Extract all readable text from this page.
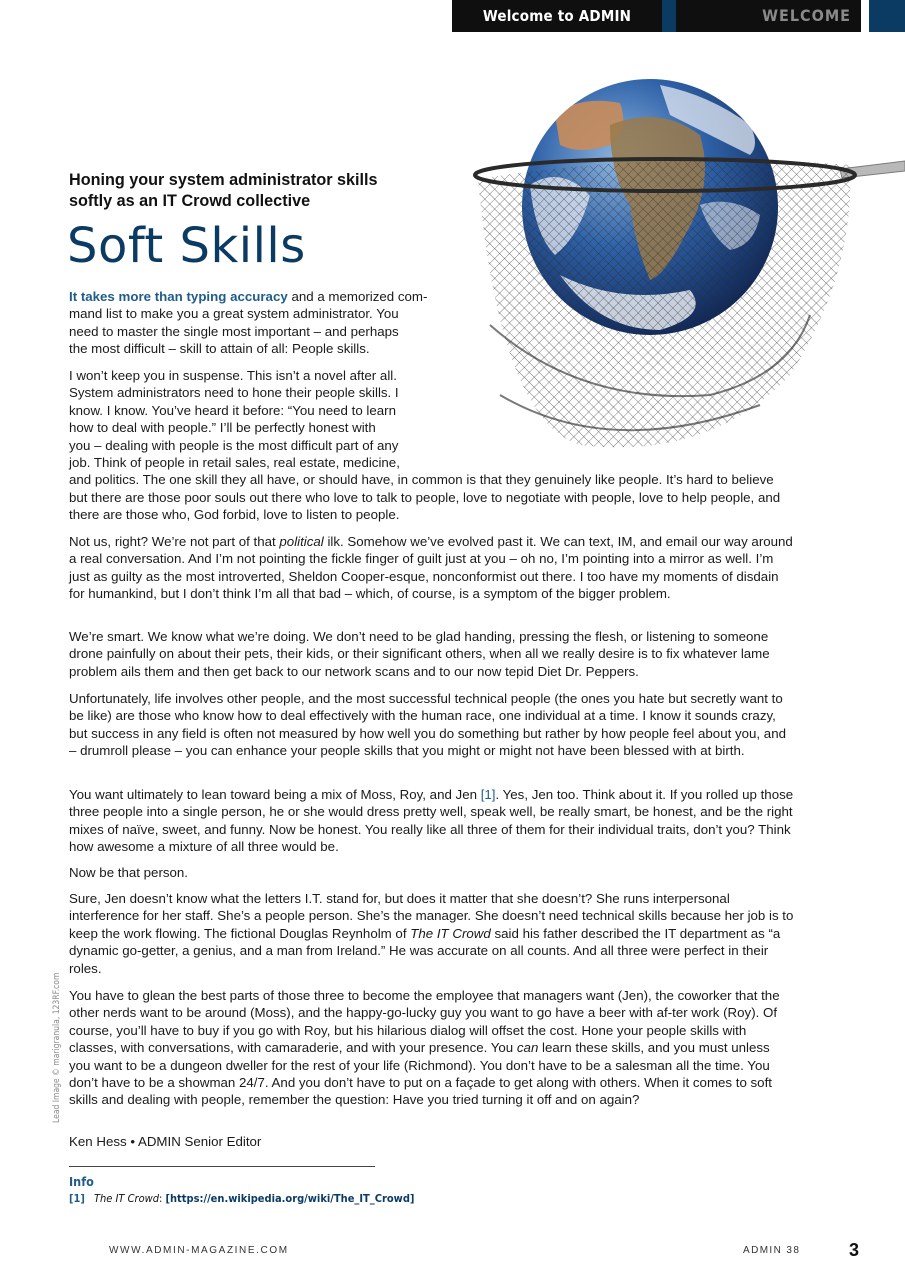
Welcome to ADMIN	WELCOME
Honing your system administrator skills
softly as an IT Crowd collective
Soft Skills
It takes more than typing accuracy and a memorized com-
mand list to make you a great system administrator. You
need to master the single most important – and perhaps
the most difficult – skill to attain of all: People skills.
I won’t keep you in suspense. This isn’t a novel after all.
System administrators need to hone their people skills. I
know. I know. You’ve heard it before: “You need to learn
how to deal with people.” I’ll be perfectly honest with
you – dealing with people is the most difficult part of any
job. Think of people in retail sales, real estate, medicine,
and politics. The one skill they all have, or should have, in common is that they genuinely like people. It’s hard to believe but there are those poor souls out there who love to talk to people, love to negotiate with people, love to help people, and there are those who, God forbid, love to listen to people.
Not us, right? We’re not part of that political ilk. Somehow we’ve evolved past it. We can text, IM, and email our way around a real conversation. And I’m not pointing the fickle finger of guilt just at you – oh no, I’m pointing into a mirror as well. I’m just as guilty as the most introverted, Sheldon Cooper-esque, nonconformist out there. I too have my moments of disdain for humankind, but I don’t think I’m all that bad – which, of course, is a symptom of the bigger problem.
We’re smart. We know what we’re doing. We don’t need to be glad handing, pressing the flesh, or listening to someone drone painfully on about their pets, their kids, or their significant others, when all we really desire is to fix whatever lame problem ails them and then get back to our network scans and to our now tepid Diet Dr. Peppers.
Unfortunately, life involves other people, and the most successful technical people (the ones you hate but secretly want to be like) are those who know how to deal effectively with the human race, one individual at a time. I know it sounds crazy, but success in any field is often not measured by how well you do something but rather by how people feel about you, and – drumroll please – you can enhance your people skills that you might or might not have been blessed with at birth.
You want ultimately to lean toward being a mix of Moss, Roy, and Jen [1]. Yes, Jen too. Think about it. If you rolled up those three people into a single person, he or she would dress pretty well, speak well, be really smart, be honest, and be the right mixes of naïve, sweet, and funny. Now be honest. You really like all three of them for their individual traits, don’t you? Think how awesome a mixture of all three would be.
Now be that person.
Sure, Jen doesn’t know what the letters I.T. stand for, but does it matter that she doesn’t? She runs interpersonal interference for her staff. She’s a people person. She’s the manager. She doesn’t need technical skills because her job is to keep the work flowing. The fictional Douglas Reynholm of The IT Crowd said his father described the IT department as “a dynamic go-getter, a genius, and a man from Ireland.” He was accurate on all counts. And all three were perfect in their roles.
You have to glean the best parts of those three to become the employee that managers want (Jen), the coworker that the other nerds want to be around (Moss), and the happy-go-lucky guy you want to go have a beer with af-ter work (Roy). Of course, you’ll have to buy if you go with Roy, but his hilarious dialog will offset the cost. Hone your people skills with classes, with conversations, with camaraderie, and with your presence. You can learn these skills, and you must unless you want to be a dungeon dweller for the rest of your life (Richmond). You don’t have to be a salesman all the time. You don’t have to be a showman 24/7. And you don’t have to put on a façade to get along with others. When it comes to soft skills and dealing with people, remember the question: Have you tried turning it off and on again?
Lead Image © marigranula, 123RF.com
Ken Hess • ADMIN Senior Editor
Info
[1] The IT Crowd: [https://en.wikipedia.org/wiki/The_IT_Crowd]
WWW.ADMIN-MAGAZINE.COM	ADMIN 38	3
